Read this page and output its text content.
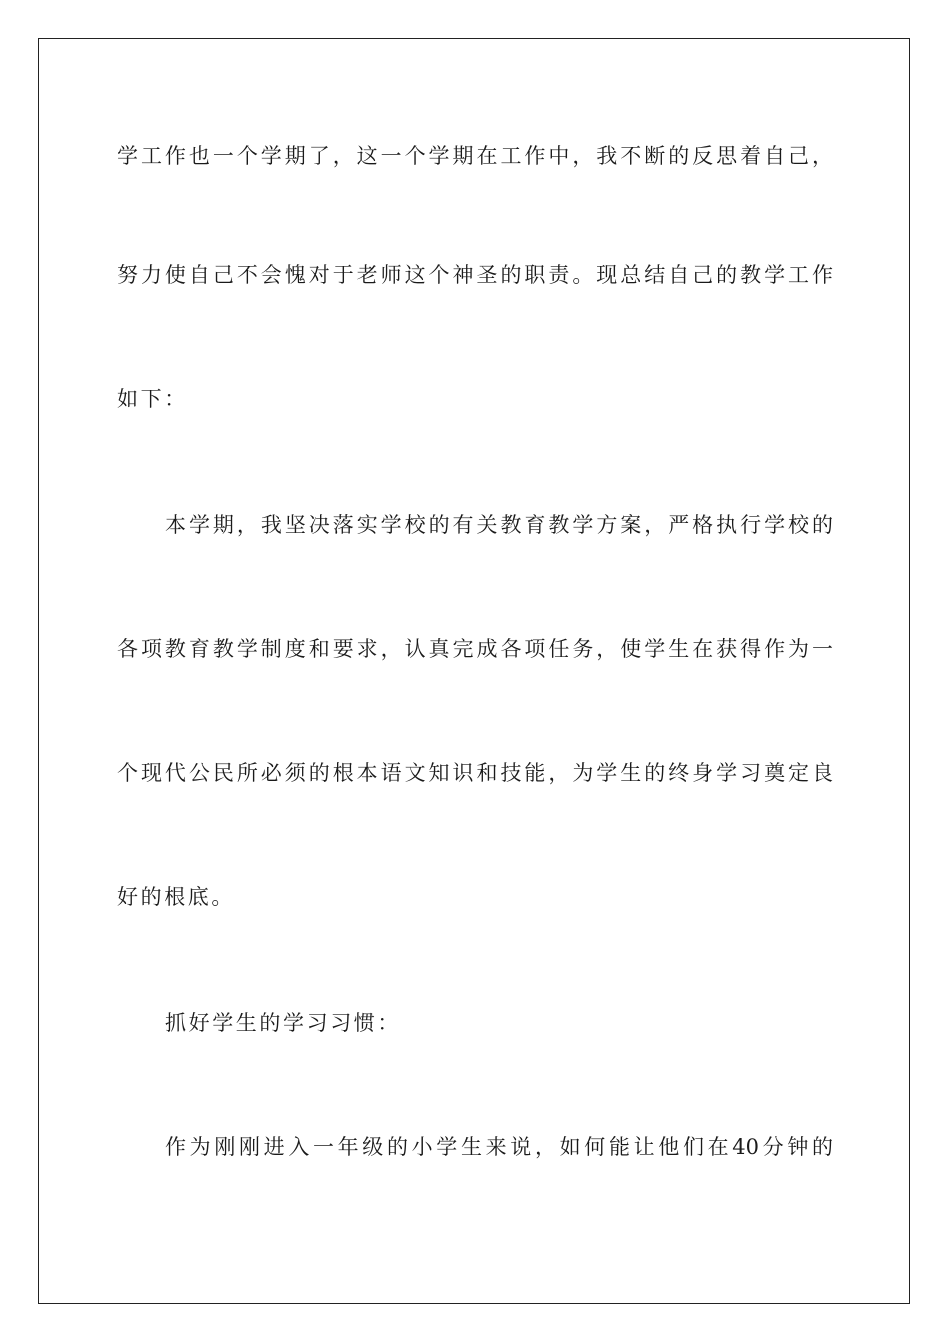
学工作也一个学期了，这一个学期在工作中，我不断的反思着自己，
努力使自己不会愧对于老师这个神圣的职责。现总结自己的教学工作
如下：
本学期，我坚决落实学校的有关教育教学方案，严格执行学校的
各项教育教学制度和要求，认真完成各项任务，使学生在获得作为一
个现代公民所必须的根本语文知识和技能，为学生的终身学习奠定良
好的根底。
抓好学生的学习习惯：
作为刚刚进入一年级的小学生来说，如何能让他们在40分钟的
